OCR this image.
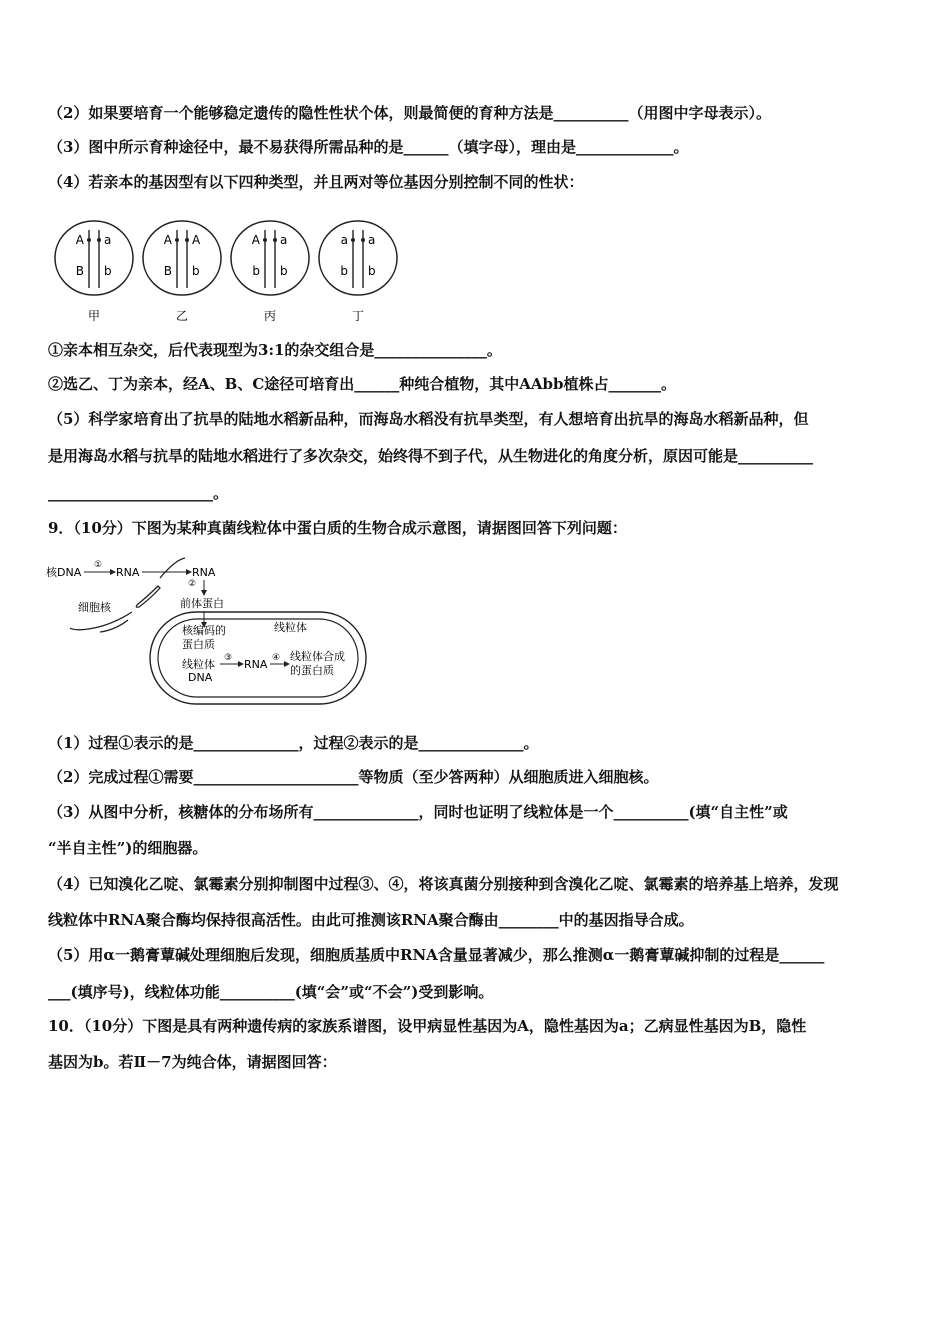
（2）如果要培育一个能够稳定遗传的隐性性状个体，则最简便的育种方法是__________（用图中字母表示）。
（3）图中所示育种途径中，最不易获得所需品种的是______（填字母），理由是_____________。
（4）若亲本的基因型有以下四种类型，并且两对等位基因分别控制不同的性状：
A a
B b
甲
A A
B b
乙
A a
b b
丙
a a
b b
丁
①亲本相互杂交，后代表现型为3:1的杂交组合是_______________。
②选乙、丁为亲本，经A、B、C途径可培育出______种纯合植物，其中AAbb植株占_______。
（5）科学家培育出了抗旱的陆地水稻新品种，而海岛水稻没有抗旱类型，有人想培育出抗旱的海岛水稻新品种，但
是用海岛水稻与抗旱的陆地水稻进行了多次杂交，始终得不到子代，从生物进化的角度分析，原因可能是__________
______________________。
9．（10分）下图为某种真菌线粒体中蛋白质的生物合成示意图，请据图回答下列问题：
核DNA
①
RNA	RNA
②
前体蛋白
细胞核
线粒体
核编码的
蛋白质
线粒体
DNA
③ RNA ④ 线粒体合成
的蛋白质
（1）过程①表示的是______________，过程②表示的是______________。
（2）完成过程①需要______________________等物质（至少答两种）从细胞质进入细胞核。
（3）从图中分析，核糖体的分布场所有______________，同时也证明了线粒体是一个__________(填“自主性”或
“半自主性”)的细胞器。
（4）已知溴化乙啶、氯霉素分别抑制图中过程③、④，将该真菌分别接种到含溴化乙啶、氯霉素的培养基上培养，发现
线粒体中RNA聚合酶均保持很高活性。由此可推测该RNA聚合酶由________中的基因指导合成。
（5）用α一鹅膏蕈碱处理细胞后发现，细胞质基质中RNA含量显著减少，那么推测α一鹅膏蕈碱抑制的过程是______
___(填序号)，线粒体功能__________(填“会”或“不会”)受到影响。
10．（10分）下图是具有两种遗传病的家族系谱图，设甲病显性基因为A，隐性基因为a；乙病显性基因为B，隐性
基因为b。若Ⅱ－7为纯合体，请据图回答：
